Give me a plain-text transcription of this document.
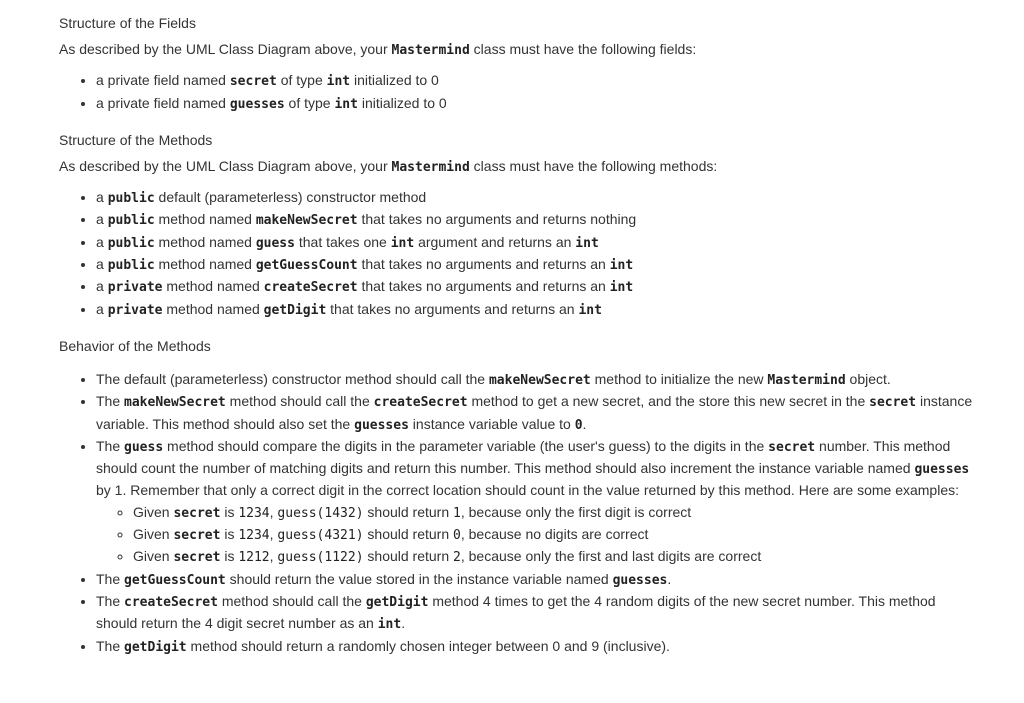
Structure of the Fields

As described by the UML Class Diagram above, your Mastermind class must have the following fields:

• a private field named secret of type int initialized to 0
• a private field named guesses of type int initialized to 0
Structure of the Methods

As described by the UML Class Diagram above, your Mastermind class must have the following methods:

• a public default (parameterless) constructor method
• a public method named makeNewSecret that takes no arguments and returns nothing
• a public method named guess that takes one int argument and returns an int
• a public method named getGuessCount that takes no arguments and returns an int
• a private method named createSecret that takes no arguments and returns an int
• a private method named getDigit that takes no arguments and returns an int
Behavior of the Methods
• The default (parameterless) constructor method should call the makeNewSecret method to initialize the new Mastermind object.
• The makeNewSecret method should call the createSecret method to get a new secret, and the store this new secret in the secret instance variable. This method should also set the guesses instance variable value to 0.
• The guess method should compare the digits in the parameter variable (the user's guess) to the digits in the secret number. This method should count the number of matching digits and return this number. This method should also increment the instance variable named guesses by 1. Remember that only a correct digit in the correct location should count in the value returned by this method. Here are some examples:
◦ Given secret is 1234, guess(1432) should return 1, because only the first digit is correct
◦ Given secret is 1234, guess(4321) should return 0, because no digits are correct
◦ Given secret is 1212, guess(1122) should return 2, because only the first and last digits are correct
• The getGuessCount should return the value stored in the instance variable named guesses.
• The createSecret method should call the getDigit method 4 times to get the 4 random digits of the new secret number. This method should return the 4 digit secret number as an int.
• The getDigit method should return a randomly chosen integer between 0 and 9 (inclusive).
